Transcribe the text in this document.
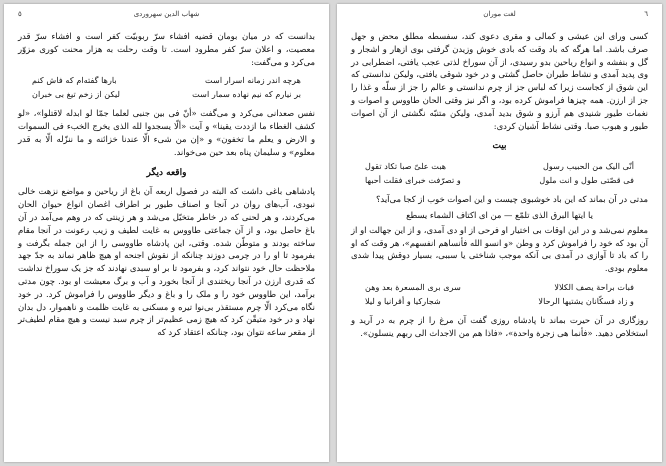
٥	شهاب الدین سهروردی

بدانست که در میان بومان قضیه افشاء سرّ ربوبیّت کفر است و افشاء سرّ قدر معصیت، و اعلان سرّ کفر مطرود است. تا وقت رحلت به هزار محنت کوری مزوّر می‌کرد و می‌گفت:

هرچه اندر زمانه اسرار است
بارها گفته‌ام که فاش کنم
بر نیارم که نیم نهاده سمار است
لیکن از زخم تیغ بی خبران

نفس صعدانی می‌کرد و می‌گفت «أنّ فی بین جنبی لعلما جمّا لو ابدله لاقتلوا»، «لو کشف الغطاء ما ازددت یقینا» و آیت «ألّا یسجدوا لله الذی یخرج الخبء فی السموات و الارض و یعلم ما تخفون» و «إن من شیء الّا عندنا خزائنه و ما ننزّله الّا به قدر معلوم» و سلیمان پناه بعد حین می‌خواند.

واقعه دیگر

پادشاهی باغی داشت که البته در فصول اربعه آن باغ از ریاحین و مواضع نزهت خالی نبودی، آب‌های روان در آنجا و اصناف طیور بر اطراف اغصان انواع حیوان الحان می‌کردند، و هر لحنی که در خاطر متخیّل می‌شد و هر زینتی که در وهم می‌آمد در آن باغ حاصل بود، و از آن جماعتی طاووس به غایت لطیف و زیب رعونت در آنجا مقام ساخته بودند و متوطّن شده. وقتی، این پادشاه طاووسی را از این جمله بگرفت و بفرمود تا او را در چرمی دوزند چنانکه از نقوش اجنحه او هیچ ظاهر نماند به جدّ جهد ملاحظت حال خود نتواند کرد، و بفرمود تا بر او سبدی نهادند که جز یک سوراخ نداشت که قدری ارزن در آنجا ریختندی از آنجا بخورد و آب و برگ معیشت او بود. چون مدتی برآمد، این طاووس خود را و ملک را و باغ و دیگر طاووس را فراموش کرد. در خود نگاه می‌کرد الّا چرم مستقذر بی‌نوا تیره و مسکنی به غایت ظلمت و ناهموار، دل بدان نهاد و در خود متیقّن کرد که هیچ زمی عظیم‌تر از چرم سبد نیست و هیچ مقام لطیف‌تر از مقعر ساعه نتوان بود، چنانکه اعتقاد کرد که

٦
لغت موران

کسی ورای این عیشی و کمالی و مقری دعوی کند، سفسطه مطلق محض و جهل صرف باشد. اما هرگه که باد وقت که بادی خوش وزیدن گرفتی بوی ازهار و اشجار و گل و بنفشه و انواع ریاحین بدو رسیدی، از آن سوراخ لذتی عجب یافتی، اضطرابی در وی پدید آمدی و نشاط طیران حاصل گشتی و در خود شوقی یافتی، ولیکن ندانستی که این شوق از کجاست زیرا که لباس جز از چرم ندانستی و عالم را جز از سلّه و غذا را جز از ارزن. همه چیزها فراموش کرده بود، و اگر نیز وقتی الحان طاووس و اصوات و نغمات طیور شنیدی هم آرزو و شوق بدید آمدی، ولیکن متنبّه نگشتی از آن اصوات طیور و هبوب صبا. وقتی نشاط آشیان کردی:

بیت
أنّی الیک من الحبیب رسول
هبت علیّ صبا تکاد تقول
فی قصّتی طول و انت ملول
و تصرّفت خبرای فقلت أحبها

مدتی در آن بماند که این باد خوشبوی چیست و این اصوات خوب از کجا می‌آید؟

یا ایتها البرق الذی تلمّع — من ای اکتاف الشماء یسطع

معلوم نمی‌شد و در این اوقات بی اختیار او فرحی از او دی آمدی، و از این جهالت او از آن بود که خود را فراموش کرد و وطن «و انسو الله فأنساهم انفسهم»، هر وقت که او را که باد تا آوازی در آمدی بی آنکه موجب شناختی یا سببی، بسیار دوقش پیدا شدی معلوم بودی.

فبات براحة یصف الکلالا
سری بری المسعرة بعد وهن
و زاد فسکّانان یشتیها الرحالا
شجارکیا و أقرانیا و لیلا

روزگاری در آن حیرت بماند تا پادشاه روزی گفت آن مرغ را از چرم به در آرید و استخلاص دهید. «فأنما هی زجرة واحدة»، «فاذا هم من الاجداث الی ربهم ینسلون».
